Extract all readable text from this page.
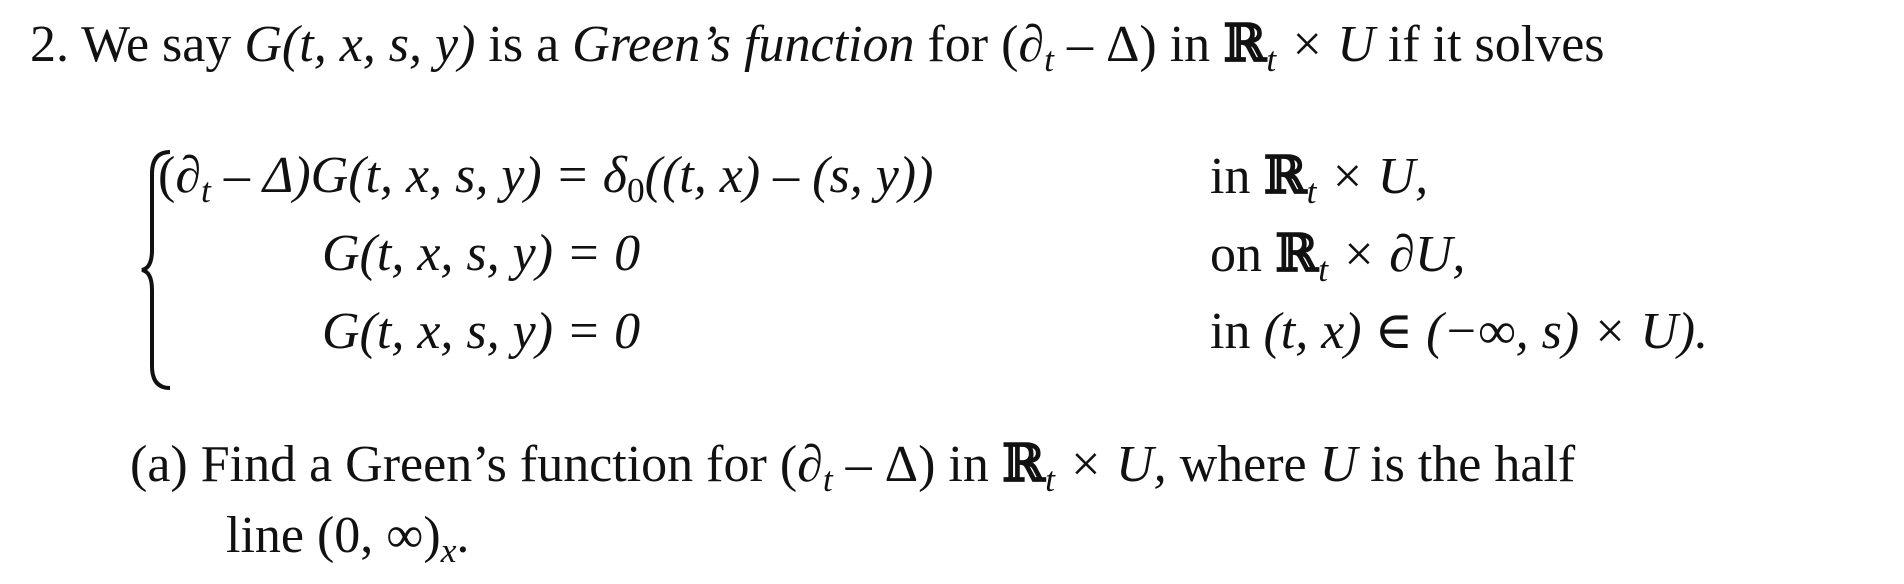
2. We say G(t, x, s, y) is a Green’s function for $(\partial_t - \Delta)$ in ℝ$_t$ × U if it solves
$(\partial_t - \Delta)G(t$, x, s, $y) = \delta_0((t$, x) – (s, y))	in ℝ$_t$ × U,
G(t, x, s, y) = 0	on ℝ$_t$ × ∂U,
G(t, x, s, y) = 0	in (t, x) ∈ (−∞, s) × U).
(a) Find a Green’s function for $(\partial_t - \Delta)$ in ℝ$_t$ × U, where U is the half
line (0, $\infty)_x$.
